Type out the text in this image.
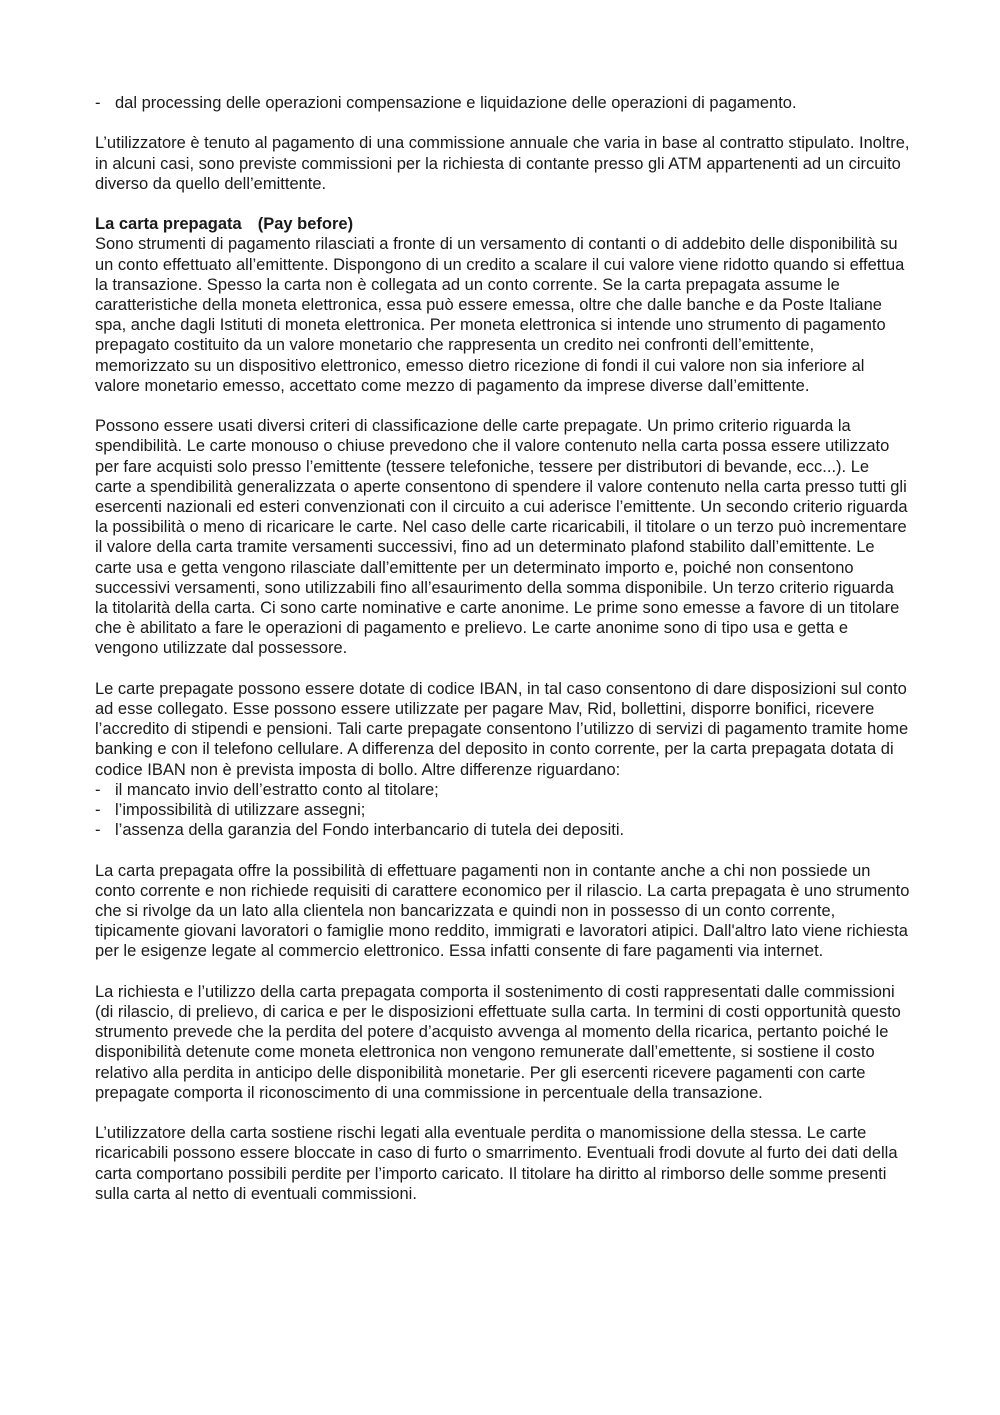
- dal processing delle operazioni compensazione e liquidazione delle operazioni di pagamento.

L’utilizzatore è tenuto al pagamento di una commissione annuale che varia in base al contratto stipulato. Inoltre, in alcuni casi, sono previste commissioni per la richiesta di contante presso gli ATM appartenenti ad un circuito diverso da quello dell’emittente.

La carta prepagata (Pay before)

Sono strumenti di pagamento rilasciati a fronte di un versamento di contanti o di addebito delle disponibilità su un conto effettuato all’emittente. Dispongono di un credito a scalare il cui valore viene ridotto quando si effettua la transazione. Spesso la carta non è collegata ad un conto corrente. Se la carta prepagata assume le caratteristiche della moneta elettronica, essa può essere emessa, oltre che dalle banche e da Poste Italiane spa, anche dagli Istituti di moneta elettronica. Per moneta elettronica si intende uno strumento di pagamento prepagato costituito da un valore monetario che rappresenta un credito nei confronti dell’emittente, memorizzato su un dispositivo elettronico, emesso dietro ricezione di fondi il cui valore non sia inferiore al valore monetario emesso, accettato come mezzo di pagamento da imprese diverse dall’emittente.

Possono essere usati diversi criteri di classificazione delle carte prepagate. Un primo criterio riguarda la spendibilità. Le carte monouso o chiuse prevedono che il valore contenuto nella carta possa essere utilizzato per fare acquisti solo presso l’emittente (tessere telefoniche, tessere per distributori di bevande, ecc...). Le carte a spendibilità generalizzata o aperte consentono di spendere il valore contenuto nella carta presso tutti gli esercenti nazionali ed esteri convenzionati con il circuito a cui aderisce l’emittente. Un secondo criterio riguarda la possibilità o meno di ricaricare le carte. Nel caso delle carte ricaricabili, il titolare o un terzo può incrementare il valore della carta tramite versamenti successivi, fino ad un determinato plafond stabilito dall’emittente. Le carte usa e getta vengono rilasciate dall’emittente per un determinato importo e, poiché non consentono successivi versamenti, sono utilizzabili fino all’esaurimento della somma disponibile. Un terzo criterio riguarda la titolarità della carta. Ci sono carte nominative e carte anonime. Le prime sono emesse a favore di un titolare che è abilitato a fare le operazioni di pagamento e prelievo. Le carte anonime sono di tipo usa e getta e vengono utilizzate dal possessore.

Le carte prepagate possono essere dotate di codice IBAN, in tal caso consentono di dare disposizioni sul conto ad esse collegato. Esse possono essere utilizzate per pagare Mav, Rid, bollettini, disporre bonifici, ricevere l’accredito di stipendi e pensioni. Tali carte prepagate consentono l’utilizzo di servizi di pagamento tramite home banking e con il telefono cellulare. A differenza del deposito in conto corrente, per la carta prepagata dotata di codice IBAN non è prevista imposta di bollo. Altre differenze riguardano:

- il mancato invio dell’estratto conto al titolare;
- l’impossibilità di utilizzare assegni;
- l’assenza della garanzia del Fondo interbancario di tutela dei depositi.

La carta prepagata offre la possibilità di effettuare pagamenti non in contante anche a chi non possiede un conto corrente e non richiede requisiti di carattere economico per il rilascio. La carta prepagata è uno strumento che si rivolge da un lato alla clientela non bancarizzata e quindi non in possesso di un conto corrente, tipicamente giovani lavoratori o famiglie mono reddito, immigrati e lavoratori atipici. Dall'altro lato viene richiesta per le esigenze legate al commercio elettronico. Essa infatti consente di fare pagamenti via internet.

La richiesta e l’utilizzo della carta prepagata comporta il sostenimento di costi rappresentati dalle commissioni (di rilascio, di prelievo, di carica e per le disposizioni effettuate sulla carta. In termini di costi opportunità questo strumento prevede che la perdita del potere d’acquisto avvenga al momento della ricarica, pertanto poiché le disponibilità detenute come moneta elettronica non vengono remunerate dall’emettente, si sostiene il costo relativo alla perdita in anticipo delle disponibilità monetarie. Per gli esercenti ricevere pagamenti con carte prepagate comporta il riconoscimento di una commissione in percentuale della transazione.

L’utilizzatore della carta sostiene rischi legati alla eventuale perdita o manomissione della stessa. Le carte ricaricabili possono essere bloccate in caso di furto o smarrimento. Eventuali frodi dovute al furto dei dati della carta comportano possibili perdite per l’importo caricato. Il titolare ha diritto al rimborso delle somme presenti sulla carta al netto di eventuali commissioni.
